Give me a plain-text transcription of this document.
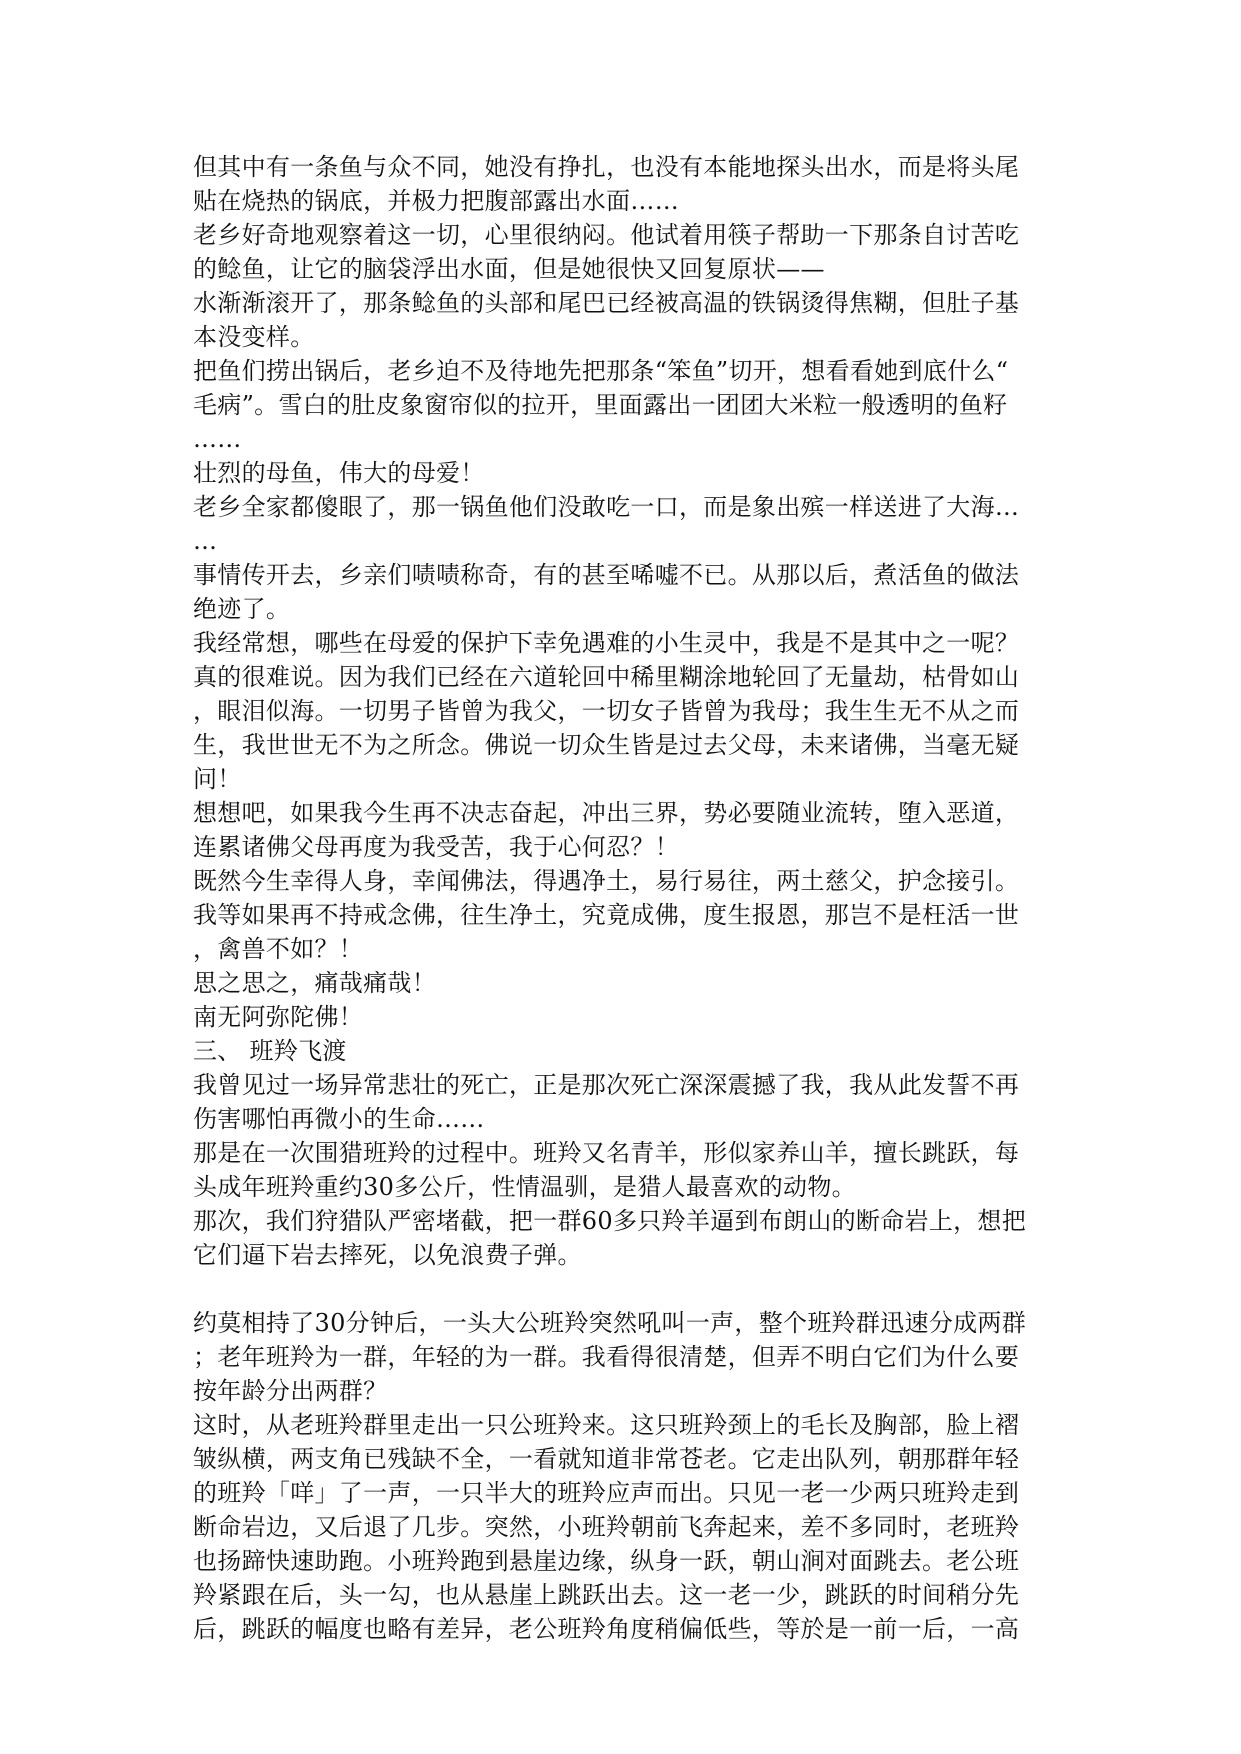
但其中有一条鱼与众不同，她没有挣扎，也没有本能地探头出水，而是将头尾
贴在烧热的锅底，并极力把腹部露出水面……
老乡好奇地观察着这一切，心里很纳闷。他试着用筷子帮助一下那条自讨苦吃
的鲶鱼，让它的脑袋浮出水面，但是她很快又回复原状——
水渐渐滚开了，那条鲶鱼的头部和尾巴已经被高温的铁锅烫得焦糊，但肚子基
本没变样。
把鱼们捞出锅后，老乡迫不及待地先把那条“笨鱼”切开，想看看她到底什么“
毛病”。雪白的肚皮象窗帘似的拉开，里面露出一团团大米粒一般透明的鱼籽
……
壮烈的母鱼，伟大的母爱！
老乡全家都傻眼了，那一锅鱼他们没敢吃一口，而是象出殡一样送进了大海…
…
事情传开去，乡亲们啧啧称奇，有的甚至唏嘘不已。从那以后，煮活鱼的做法
绝迹了。
我经常想，哪些在母爱的保护下幸免遇难的小生灵中，我是不是其中之一呢？
真的很难说。因为我们已经在六道轮回中稀里糊涂地轮回了无量劫，枯骨如山
，眼泪似海。一切男子皆曾为我父，一切女子皆曾为我母；我生生无不从之而
生，我世世无不为之所念。佛说一切众生皆是过去父母，未来诸佛，当毫无疑
问！
想想吧，如果我今生再不决志奋起，冲出三界，势必要随业流转，堕入恶道，
连累诸佛父母再度为我受苦，我于心何忍？！
既然今生幸得人身，幸闻佛法，得遇净土，易行易往，两土慈父，护念接引。
我等如果再不持戒念佛，往生净土，究竟成佛，度生报恩，那岂不是枉活一世
，禽兽不如？！
思之思之，痛哉痛哉！
南无阿弥陀佛！
三、 班羚飞渡
我曾见过一场异常悲壮的死亡，正是那次死亡深深震撼了我，我从此发誓不再
伤害哪怕再微小的生命……
那是在一次围猎班羚的过程中。班羚又名青羊，形似家养山羊，擅长跳跃，每
头成年班羚重约30多公斤，性情温驯，是猎人最喜欢的动物。
那次，我们狩猎队严密堵截，把一群60多只羚羊逼到布朗山的断命岩上，想把
它们逼下岩去摔死，以免浪费子弹。
约莫相持了30分钟后，一头大公班羚突然吼叫一声，整个班羚群迅速分成两群
；老年班羚为一群，年轻的为一群。我看得很清楚，但弄不明白它们为什么要
按年龄分出两群？
这时，从老班羚群里走出一只公班羚来。这只班羚颈上的毛长及胸部，脸上褶
皱纵横，两支角已残缺不全，一看就知道非常苍老。它走出队列，朝那群年轻
的班羚「咩」了一声，一只半大的班羚应声而出。只见一老一少两只班羚走到
断命岩边，又后退了几步。突然，小班羚朝前飞奔起来，差不多同时，老班羚
也扬蹄快速助跑。小班羚跑到悬崖边缘，纵身一跃，朝山涧对面跳去。老公班
羚紧跟在后，头一勾，也从悬崖上跳跃出去。这一老一少，跳跃的时间稍分先
后，跳跃的幅度也略有差异，老公班羚角度稍偏低些，等於是一前一后，一高
